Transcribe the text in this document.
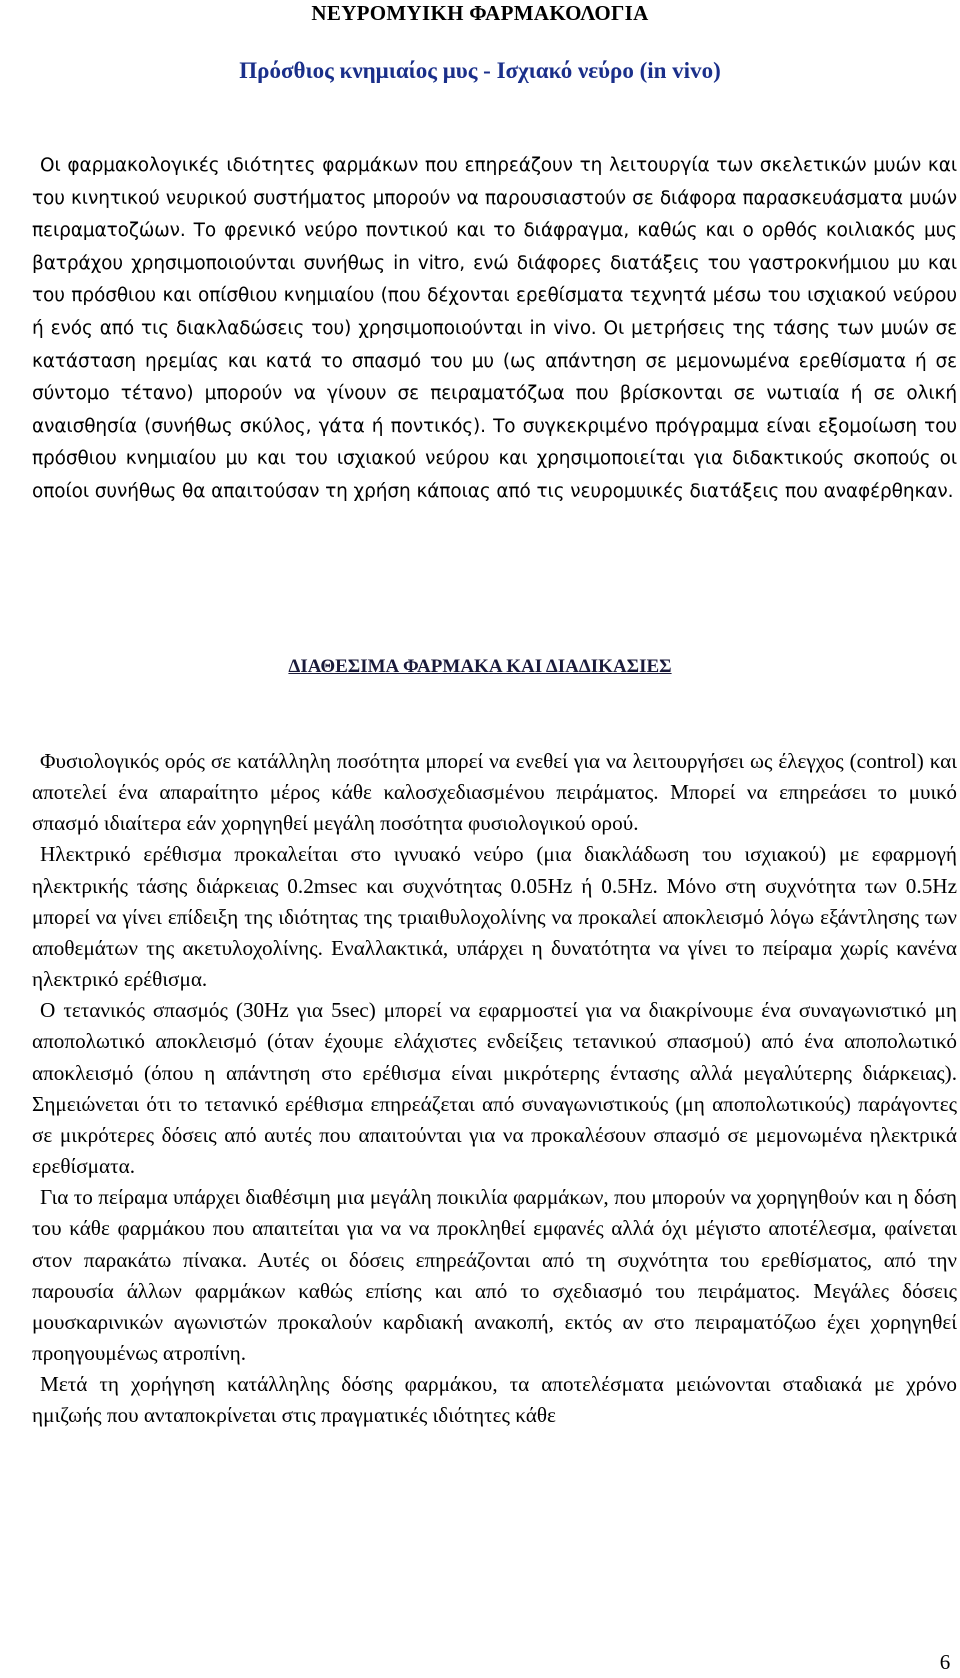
ΝΕΥΡΟΜΥΙΚΗ ΦΑΡΜΑΚΟΛΟΓΙΑ
Πρόσθιος κνημιαίος μυς - Ισχιακό νεύρο (in vivo)

Οι φαρμακολογικές ιδιότητες φαρμάκων που επηρεάζουν τη λειτουργία των σκελετικών μυών και του κινητικού νευρικού συστήματος μπορούν να παρουσιαστούν σε διάφορα παρασκευάσματα μυών πειραματοζώων. Το φρενικό νεύρο ποντικού και το διάφραγμα, καθώς και ο ορθός κοιλιακός μυς βατράχου χρησιμοποιούνται συνήθως in vitro, ενώ διάφορες διατάξεις του γαστροκνήμιου μυ και του πρόσθιου και οπίσθιου κνημιαίου (που δέχονται ερεθίσματα τεχνητά μέσω του ισχιακού νεύρου ή ενός από τις διακλαδώσεις του) χρησιμοποιούνται in vivo. Οι μετρήσεις της τάσης των μυών σε κατάσταση ηρεμίας και κατά το σπασμό του μυ (ως απάντηση σε μεμονωμένα ερεθίσματα ή σε σύντομο τέτανο) μπορούν να γίνουν σε πειραματόζωα που βρίσκονται σε νωτιαία ή σε ολική αναισθησία (συνήθως σκύλος, γάτα ή ποντικός). Το συγκεκριμένο πρόγραμμα είναι εξομοίωση του πρόσθιου κνημιαίου μυ και του ισχιακού νεύρου και χρησιμοποιείται για διδακτικούς σκοπούς οι οποίοι συνήθως θα απαιτούσαν τη χρήση κάποιας από τις νευρομυικές διατάξεις που αναφέρθηκαν.

ΔΙΑΘΕΣΙΜΑ ΦΑΡΜΑΚΑ ΚΑΙ ΔΙΑΔΙΚΑΣΙΕΣ

Φυσιολογικός ορός σε κατάλληλη ποσότητα μπορεί να ενεθεί για να λειτουργήσει ως έλεγχος (control) και αποτελεί ένα απαραίτητο μέρος κάθε καλοσχεδιασμένου πειράματος. Μπορεί να επηρεάσει το μυικό σπασμό ιδιαίτερα εάν χορηγηθεί μεγάλη ποσότητα φυσιολογικού ορού.

Ηλεκτρικό ερέθισμα προκαλείται στο ιγνυακό νεύρο (μια διακλάδωση του ισχιακού) με εφαρμογή ηλεκτρικής τάσης διάρκειας 0.2msec και συχνότητας 0.05Hz ή 0.5Hz. Μόνο στη συχνότητα των 0.5Hz μπορεί να γίνει επίδειξη της ιδιότητας της τριαιθυλοχολίνης να προκαλεί αποκλεισμό λόγω εξάντλησης των αποθεμάτων της ακετυλοχολίνης. Εναλλακτικά, υπάρχει η δυνατότητα να γίνει το πείραμα χωρίς κανένα ηλεκτρικό ερέθισμα.

Ο τετανικός σπασμός (30Hz για 5sec) μπορεί να εφαρμοστεί για να διακρίνουμε ένα συναγωνιστικό μη αποπολωτικό αποκλεισμό (όταν έχουμε ελάχιστες ενδείξεις τετανικού σπασμού) από ένα αποπολωτικό αποκλεισμό (όπου η απάντηση στο ερέθισμα είναι μικρότερης έντασης αλλά μεγαλύτερης διάρκειας). Σημειώνεται ότι το τετανικό ερέθισμα επηρεάζεται από συναγωνιστικούς (μη αποπολωτικούς) παράγοντες σε μικρότερες δόσεις από αυτές που απαιτούνται για να προκαλέσουν σπασμό σε μεμονωμένα ηλεκτρικά ερεθίσματα.

Για το πείραμα υπάρχει διαθέσιμη μια μεγάλη ποικιλία φαρμάκων, που μπορούν να χορηγηθούν και η δόση του κάθε φαρμάκου που απαιτείται για να να προκληθεί εμφανές αλλά όχι μέγιστο αποτέλεσμα, φαίνεται στον παρακάτω πίνακα. Αυτές οι δόσεις επηρεάζονται από τη συχνότητα του ερεθίσματος, από την παρουσία άλλων φαρμάκων καθώς επίσης και από το σχεδιασμό του πειράματος. Μεγάλες δόσεις μουσκαρινικών αγωνιστών προκαλούν καρδιακή ανακοπή, εκτός αν στο πειραματόζωο έχει χορηγηθεί προηγουμένως ατροπίνη.

Μετά τη χορήγηση κατάλληλης δόσης φαρμάκου, τα αποτελέσματα μειώνονται σταδιακά με χρόνο ημιζωής που ανταποκρίνεται στις πραγματικές ιδιότητες κάθε

6
